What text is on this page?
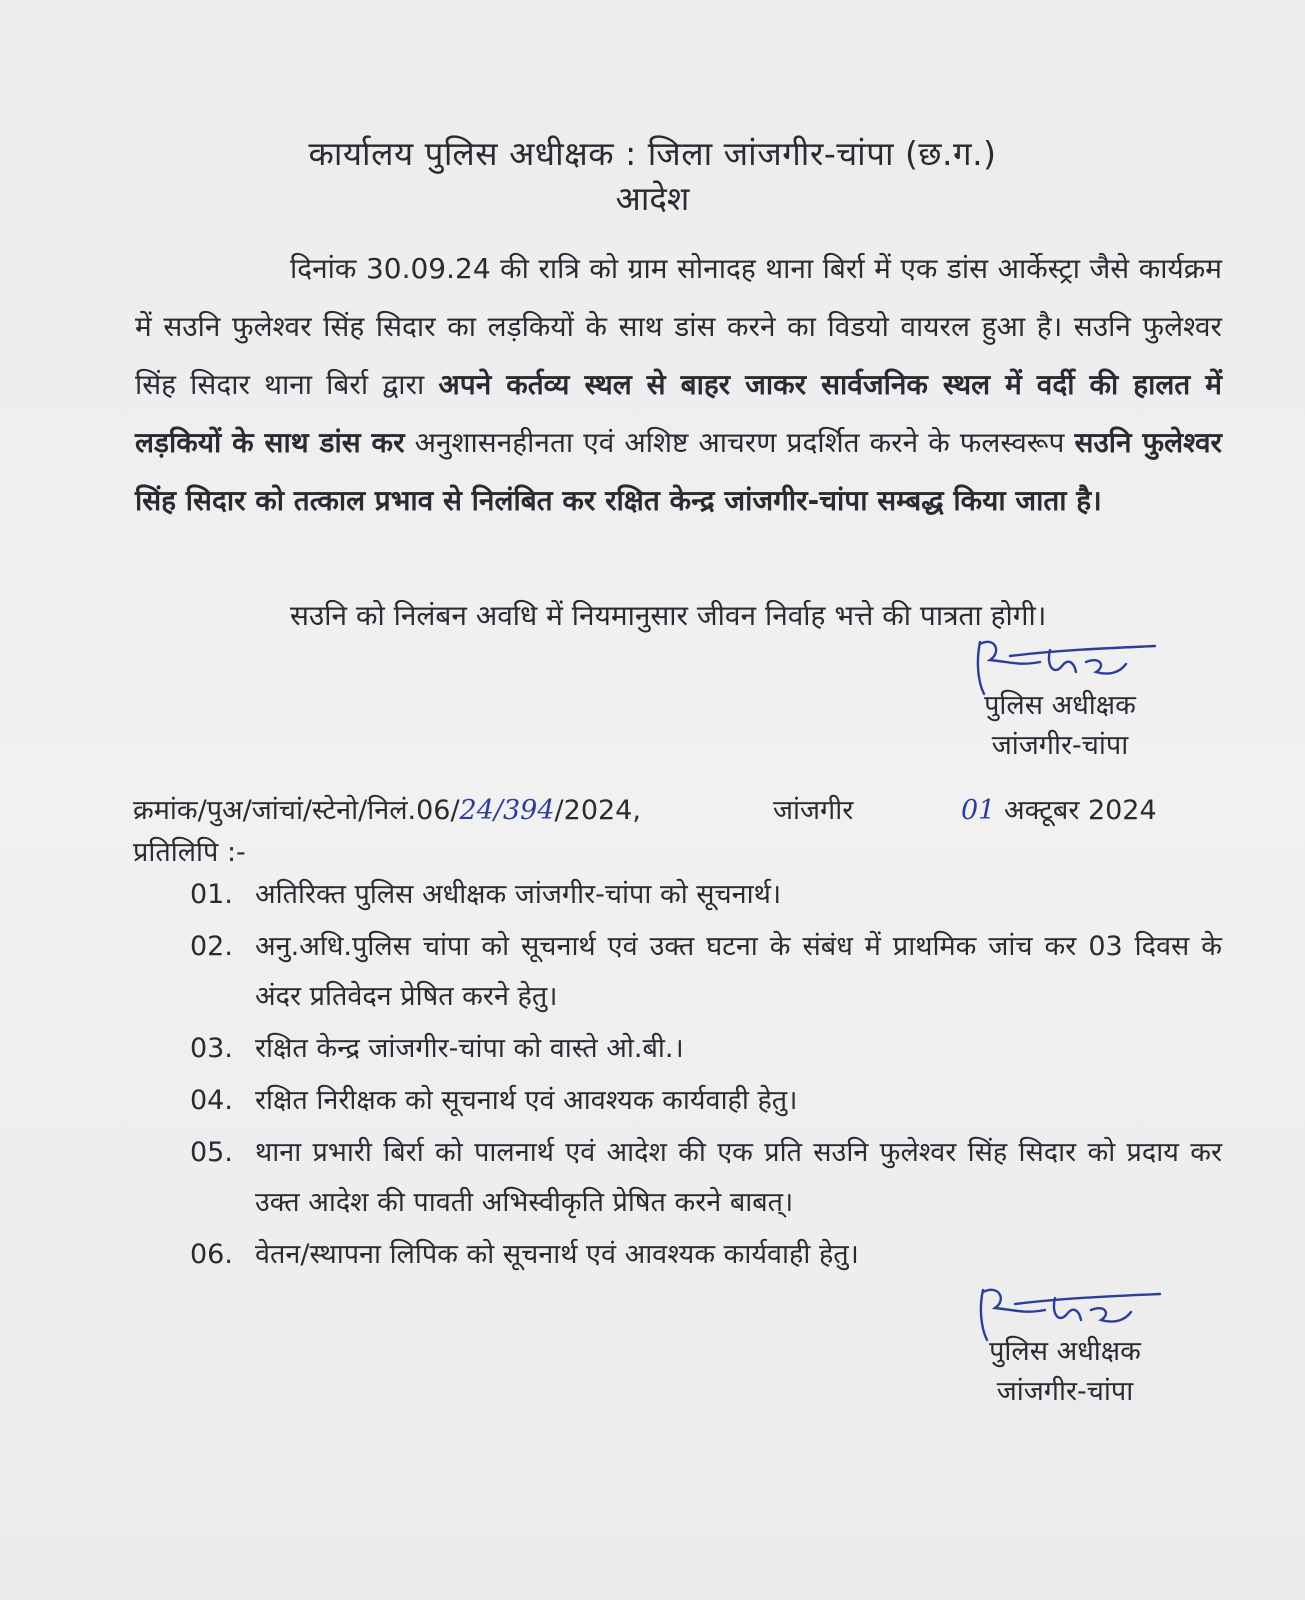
कार्यालय पुलिस अधीक्षक : जिला जांजगीर-चांपा (छ.ग.)
आदेश

दिनांक 30.09.24 की रात्रि को ग्राम सोनादह थाना बिर्रा में एक डांस आर्केस्ट्रा जैसे कार्यक्रम में सउनि फुलेश्वर सिंह सिदार का लड़कियों के साथ डांस करने का विडयो वायरल हुआ है। सउनि फुलेश्वर सिंह सिदार थाना बिर्रा द्वारा अपने कर्तव्य स्थल से बाहर जाकर सार्वजनिक स्थल में वर्दी की हालत में लड़कियों के साथ डांस कर अनुशासनहीनता एवं अशिष्ट आचरण प्रदर्शित करने के फलस्वरूप सउनि फुलेश्वर सिंह सिदार को तत्काल प्रभाव से निलंबित कर रक्षित केन्द्र जांजगीर-चांपा सम्बद्ध किया जाता है।

सउनि को निलंबन अवधि में नियमानुसार जीवन निर्वाह भत्ते की पात्रता होगी।

पुलिस अधीक्षक
जांजगीर-चांपा
क्रमांक/पुअ/जांचां/स्टेनो/निलं.06/24/394/2024,	जांजगीर	01 अक्टूबर 2024
प्रतिलिपि :-
01. अतिरिक्त पुलिस अधीक्षक जांजगीर-चांपा को सूचनार्थ।
02. अनु.अधि.पुलिस चांपा को सूचनार्थ एवं उक्त घटना के संबंध में प्राथमिक जांच कर 03 दिवस के अंदर प्रतिवेदन प्रेषित करने हेतु।
03. रक्षित केन्द्र जांजगीर-चांपा को वास्ते ओ.बी.।
04. रक्षित निरीक्षक को सूचनार्थ एवं आवश्यक कार्यवाही हेतु।
05. थाना प्रभारी बिर्रा को पालनार्थ एवं आदेश की एक प्रति सउनि फुलेश्वर सिंह सिदार को प्रदाय कर उक्त आदेश की पावती अभिस्वीकृति प्रेषित करने बाबत्।
06. वेतन/स्थापना लिपिक को सूचनार्थ एवं आवश्यक कार्यवाही हेतु।
पुलिस अधीक्षक
जांजगीर-चांपा
